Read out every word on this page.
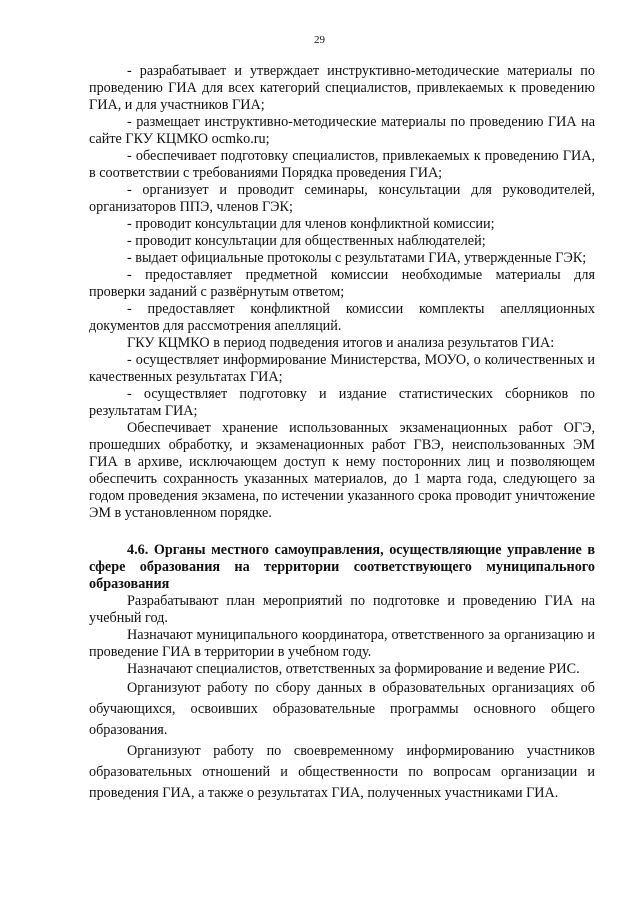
29

- разрабатывает и утверждает инструктивно-методические материалы по проведению ГИА для всех категорий специалистов, привлекаемых к проведению ГИА, и для участников ГИА;

- размещает инструктивно-методические материалы по проведению ГИА на сайте ГКУ КЦМКО ocmko.ru;

- обеспечивает подготовку специалистов, привлекаемых к проведению ГИА, в соответствии с требованиями Порядка проведения ГИА;

- организует и проводит семинары, консультации для руководителей, организаторов ППЭ, членов ГЭК;

- проводит консультации для членов конфликтной комиссии;

- проводит консультации для общественных наблюдателей;

- выдает официальные протоколы с результатами ГИА, утвержденные ГЭК;

- предоставляет предметной комиссии необходимые материалы для проверки заданий с развёрнутым ответом;

- предоставляет конфликтной комиссии комплекты апелляционных документов для рассмотрения апелляций.

ГКУ КЦМКО в период подведения итогов и анализа результатов ГИА:

- осуществляет информирование Министерства, МОУО, о количественных и качественных результатах ГИА;

- осуществляет подготовку и издание статистических сборников по результатам ГИА;

Обеспечивает хранение использованных экзаменационных работ ОГЭ, прошедших обработку, и экзаменационных работ ГВЭ, неиспользованных ЭМ ГИА в архиве, исключающем доступ к нему посторонних лиц и позволяющем обеспечить сохранность указанных материалов, до 1 марта года, следующего за годом проведения экзамена, по истечении указанного срока проводит уничтожение ЭМ в установленном порядке.

4.6. Органы местного самоуправления, осуществляющие управление в сфере образования на территории соответствующего муниципального образования

Разрабатывают план мероприятий по подготовке и проведению ГИА на учебный год.

Назначают муниципального координатора, ответственного за организацию и проведение ГИА в территории в учебном году.

Назначают специалистов, ответственных за формирование и ведение РИС.

Организуют работу по сбору данных в образовательных организациях об обучающихся, освоивших образовательные программы основного общего образования.

Организуют работу по своевременному информированию участников образовательных отношений и общественности по вопросам организации и проведения ГИА, а также о результатах ГИА, полученных участниками ГИА.
